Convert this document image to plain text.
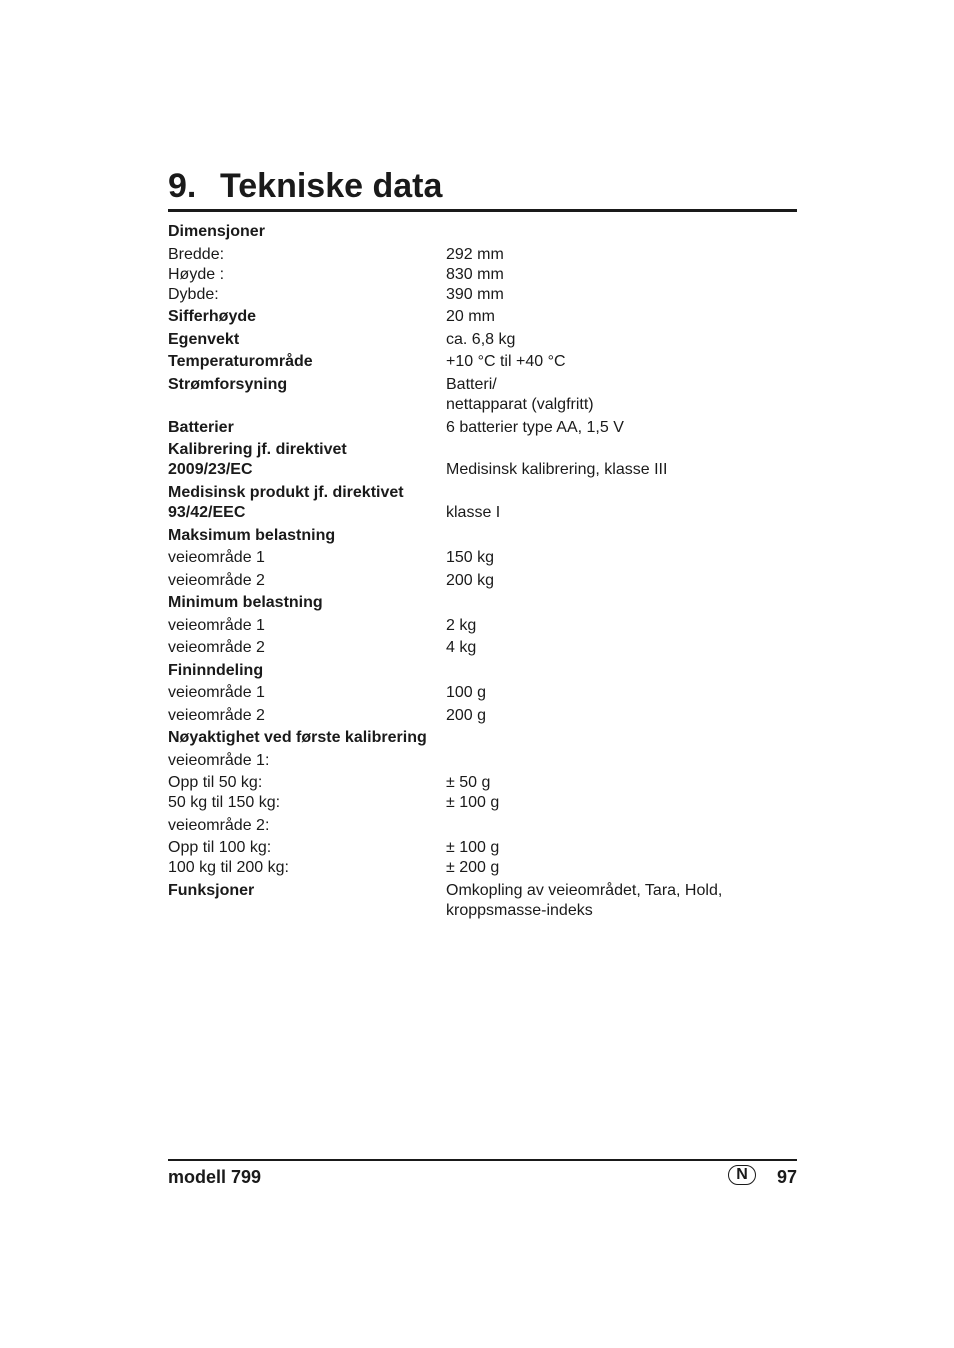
9. Tekniske data
Dimensjoner
Bredde:	292 mm
Høyde :	830 mm
Dybde:	390 mm
Sifferhøyde	20 mm
Egenvekt	ca. 6,8 kg
Temperaturområde	+10 °C til +40 °C
Strømforsyning	Batteri/
nettapparat (valgfritt)
Batterier	6 batterier type AA, 1,5 V
Kalibrering jf. direktivet
2009/23/EC	Medisinsk kalibrering, klasse III
Medisinsk produkt jf. direktivet
93/42/EEC	klasse I
Maksimum belastning
veieområde 1	150 kg
veieområde 2	200 kg
Minimum belastning
veieområde 1	2 kg
veieområde 2	4 kg
Fininndeling
veieområde 1	100 g
veieområde 2	200 g
Nøyaktighet ved første kalibrering
veieområde 1:
Opp til 50 kg:	± 50 g
50 kg til 150 kg:	± 100 g
veieområde 2:
Opp til 100 kg:	± 100 g
100 kg til 200 kg:	± 200 g
Funksjoner	Omkopling av veieområdet, Tara, Hold,
kroppsmasse-indeks
modell 799	N	97
